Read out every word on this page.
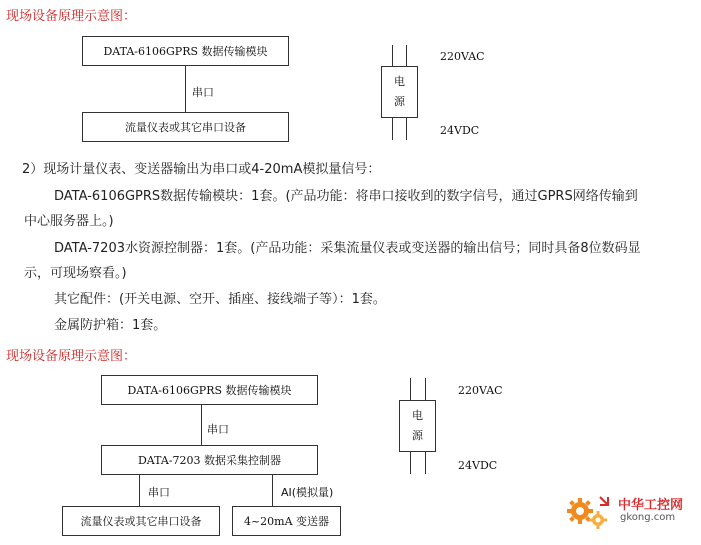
现场设备原理示意图：
DATA-6106GPRS 数据传输模块
串口
流量仪表或其它串口设备
电
源
220VAC
24VDC
2）现场计量仪表、变送器输出为串口或4-20mA模拟量信号：
DATA-6106GPRS数据传输模块：1套。(产品功能：将串口接收到的数字信号，通过GPRS网络传输到
中心服务器上。)
DATA-7203水资源控制器：1套。(产品功能：采集流量仪表或变送器的输出信号；同时具备8位数码显
示，可现场察看。)
其它配件：(开关电源、空开、插座、接线端子等）：1套。
金属防护箱：1套。
现场设备原理示意图：
DATA-6106GPRS 数据传输模块
串口
DATA-7203 数据采集控制器
串口	AI(模拟量)
流量仪表或其它串口设备	4~20mA 变送器
电
源
220VAC
24VDC
中华工控网
gkong.com
